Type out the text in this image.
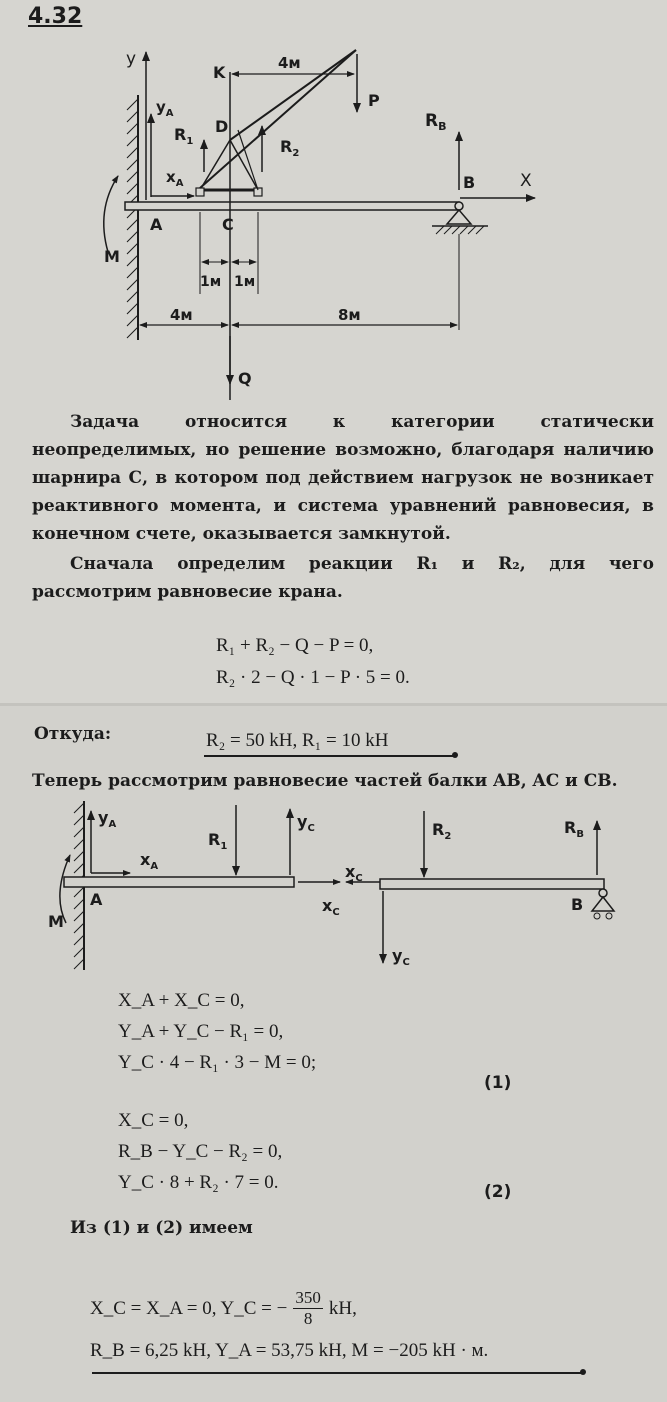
4.32
y
X
B
$R_B$
A
$y_A$
$x_A$
M
K
D
C
4м
P
$R_1$	$R_2$
1м 1м
4м	8м
Q
Задача относится к категории статически неопределимых, но решение возможно, благодаря наличию шарнира С, в котором под действием нагрузок не возникает реактивного момента, и система уравнений равновесия, в конечном счете, оказывается замкнутой.
Сначала определим реакции R₁ и R₂, для чего рассмотрим равновесие крана.
R₁ + R₂ − Q − P = 0,
R₂ · 2 − Q · 1 − P · 5 = 0.
Откуда:	R₂ = 50 kH, R₁ = 10 kH
Теперь рассмотрим равновесие частей балки AB, AC и CB.
B
$y_A$
$x_A$
A
M
$R_1$
$y_C$
$x_C$
$x_C$
$y_C$
$R_2$	$R_B$
X_A + X_C = 0,
Y_A + Y_C − R₁ = 0,
Y_C · 4 − R₁ · 3 − M = 0;
(1)
X_C = 0,
R_B − Y_C − R₂ = 0,
Y_C · 8 + R₂ · 7 = 0.	(2)
Из (1) и (2) имеем
X_C = X_A = 0, Y_C = − $\frac{350}{8}$ kH,
R_B = 6,25 kH, Y_A = 53,75 kH, M = −205 kH · м.
